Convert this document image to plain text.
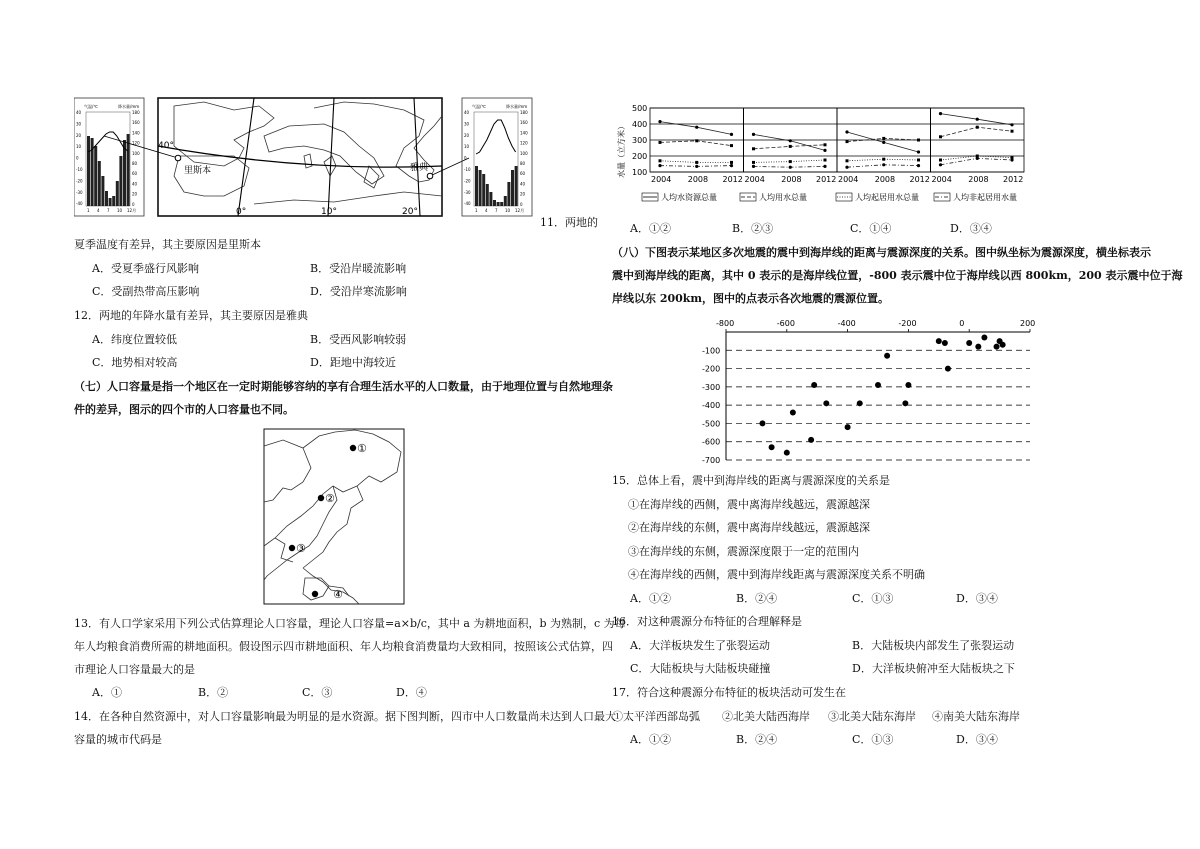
气温/℃	降水量/mm
40
30
20
10
0
-10
-20
-30
-40
180
160
140
120
100
80
60
40
20
0
1 4 7 10 12月
40°
里斯本	雅典
0°	10°	20°
气温/℃	降水量/mm
40
30
20
10
0
-10
-20
-30
-40
180
160
140
120
100
80
60
40
20
0
1 4 7 10 12月
11．两地的
夏季温度有差异，其主要原因是里斯本
A．受夏季盛行风影响	B．受沿岸暖流影响
C．受副热带高压影响	D．受沿岸寒流影响
12．两地的年降水量有差异，其主要原因是雅典
A．纬度位置较低	B．受西风影响较弱
C．地势相对较高	D．距地中海较近
（七）人口容量是指一个地区在一定时期能够容纳的享有合理生活水平的人口数量，由于地理位置与自然地理条
件的差异，图示的四个市的人口容量也不同。
①
②
③
④
13．有人口学家采用下列公式估算理论人口容量，理论人口容量=a×b/c，其中 a 为耕地面积，b 为熟制，c 为每
年人均粮食消费所需的耕地面积。假设图示四市耕地面积、年人均粮食消费量均大致相同，按照该公式估算，四
市理论人口容量最大的是
A．①	B．②	C．③	D．④
14．在各种自然资源中，对人口容量影响最为明显的是水资源。据下图判断，四市中人口数量尚未达到人口最大
容量的城市代码是
500
400
300
200
100
2004 2008 2012 2004 2008 2012 2004 2008 2012 2004 2008 2012
水量（立方米）
人均水资源总量	人均用水总量	人均起居用水总量	人均非起居用水量
A．①②	B．②③	C．①④	D．③④
（八）下图表示某地区多次地震的震中到海岸线的距离与震源深度的关系。图中纵坐标为震源深度，横坐标表示
震中到海岸线的距离，其中 0 表示的是海岸线位置，-800 表示震中位于海岸线以西 800km，200 表示震中位于海
岸线以东 200km，图中的点表示各次地震的震源位置。
-800	-600	-400	-200	0	200
-100
-200
-300
-400
-500
-600
-700
15．总体上看，震中到海岸线的距离与震源深度的关系是
①在海岸线的西侧，震中离海岸线越远，震源越深
②在海岸线的东侧，震中离海岸线越远，震源越深
③在海岸线的东侧，震源深度限于一定的范围内
④在海岸线的西侧，震中到海岸线距离与震源深度关系不明确
A．①②	B．②④	C．①③	D．③④
16．对这种震源分布特征的合理解释是
A．大洋板块发生了张裂运动	B．大陆板块内部发生了张裂运动
C．大陆板块与大陆板块碰撞	D．大洋板块俯冲至大陆板块之下
17．符合这种震源分布特征的板块活动可发生在
①太平洋西部岛弧 ②北美大陆西海岸 ③北美大陆东海岸 ④南美大陆东海岸
A．①②	B．②④	C．①③	D．③④
